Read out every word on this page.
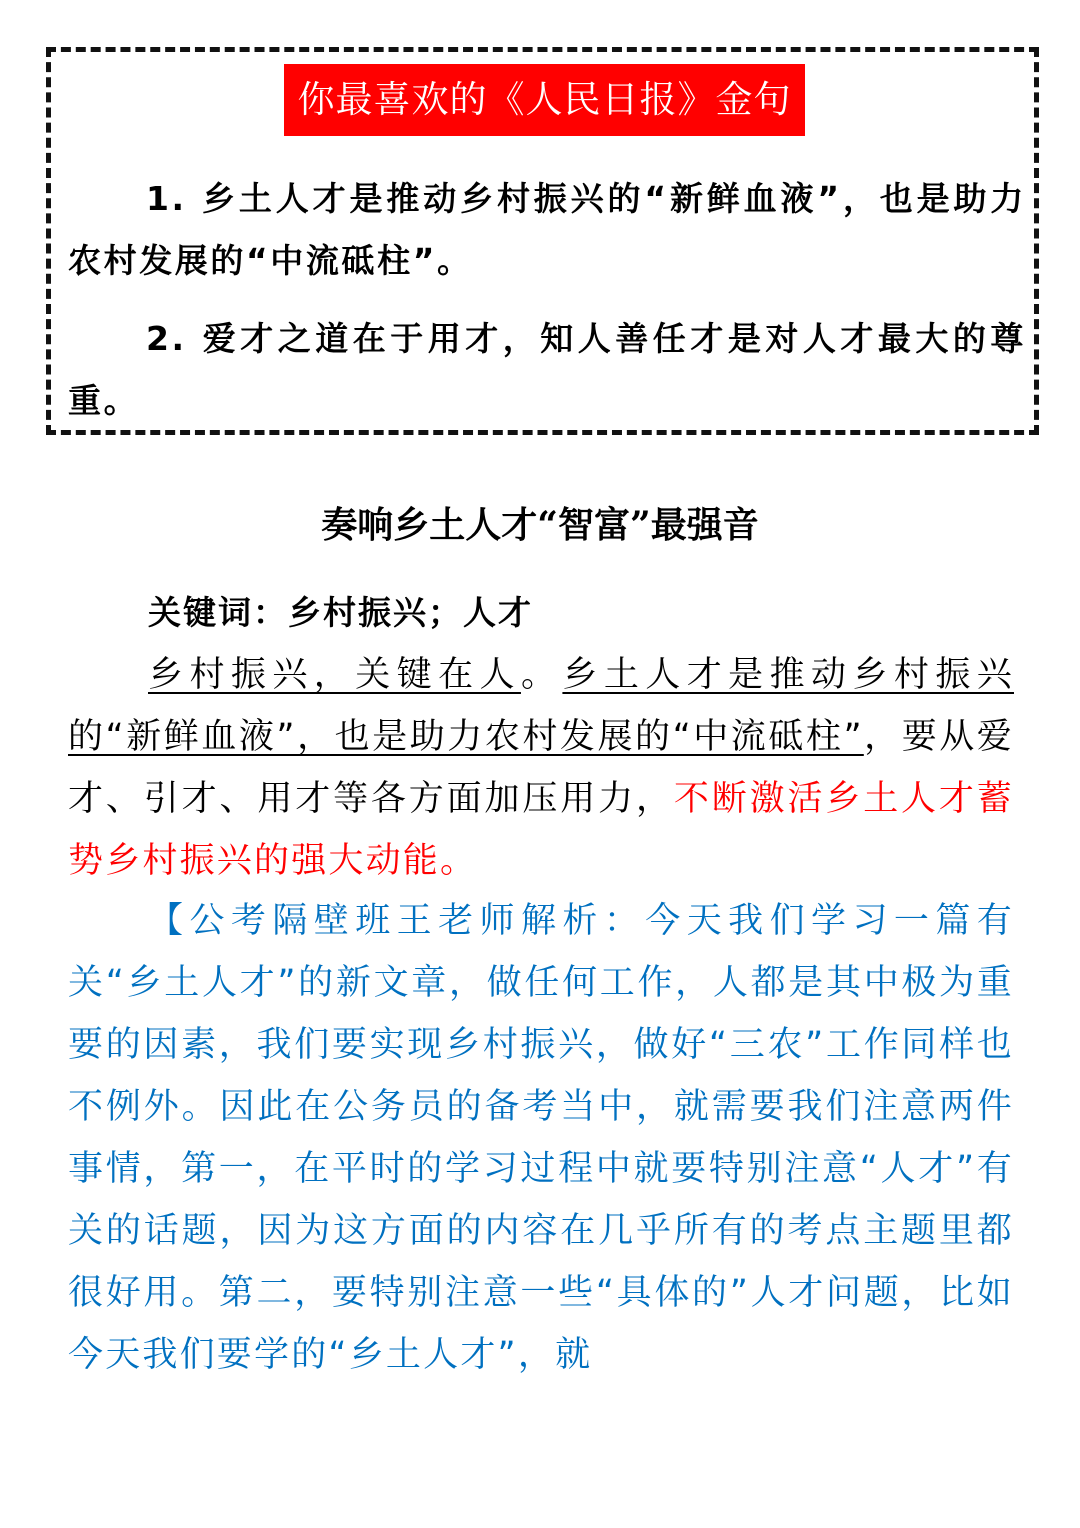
你最喜欢的《人民日报》金句
1. 乡土人才是推动乡村振兴的“新鲜血液”，也是助力农村发展的“中流砥柱”。
2. 爱才之道在于用才，知人善任才是对人才最大的尊重。
奏响乡土人才“智富”最强音
关键词：乡村振兴；人才
乡村振兴，关键在人。乡土人才是推动乡村振兴的“新鲜血液”，也是助力农村发展的“中流砥柱”，要从爱才、引才、用才等各方面加压用力，不断激活乡土人才蓄势乡村振兴的强大动能。
【公考隔壁班王老师解析：今天我们学习一篇有关“乡土人才”的新文章，做任何工作，人都是其中极为重要的因素，我们要实现乡村振兴，做好“三农”工作同样也不例外。因此在公务员的备考当中，就需要我们注意两件事情，第一，在平时的学习过程中就要特别注意“人才”有关的话题，因为这方面的内容在几乎所有的考点主题里都很好用。第二，要特别注意一些“具体的”人才问题，比如今天我们要学的“乡土人才”，就
